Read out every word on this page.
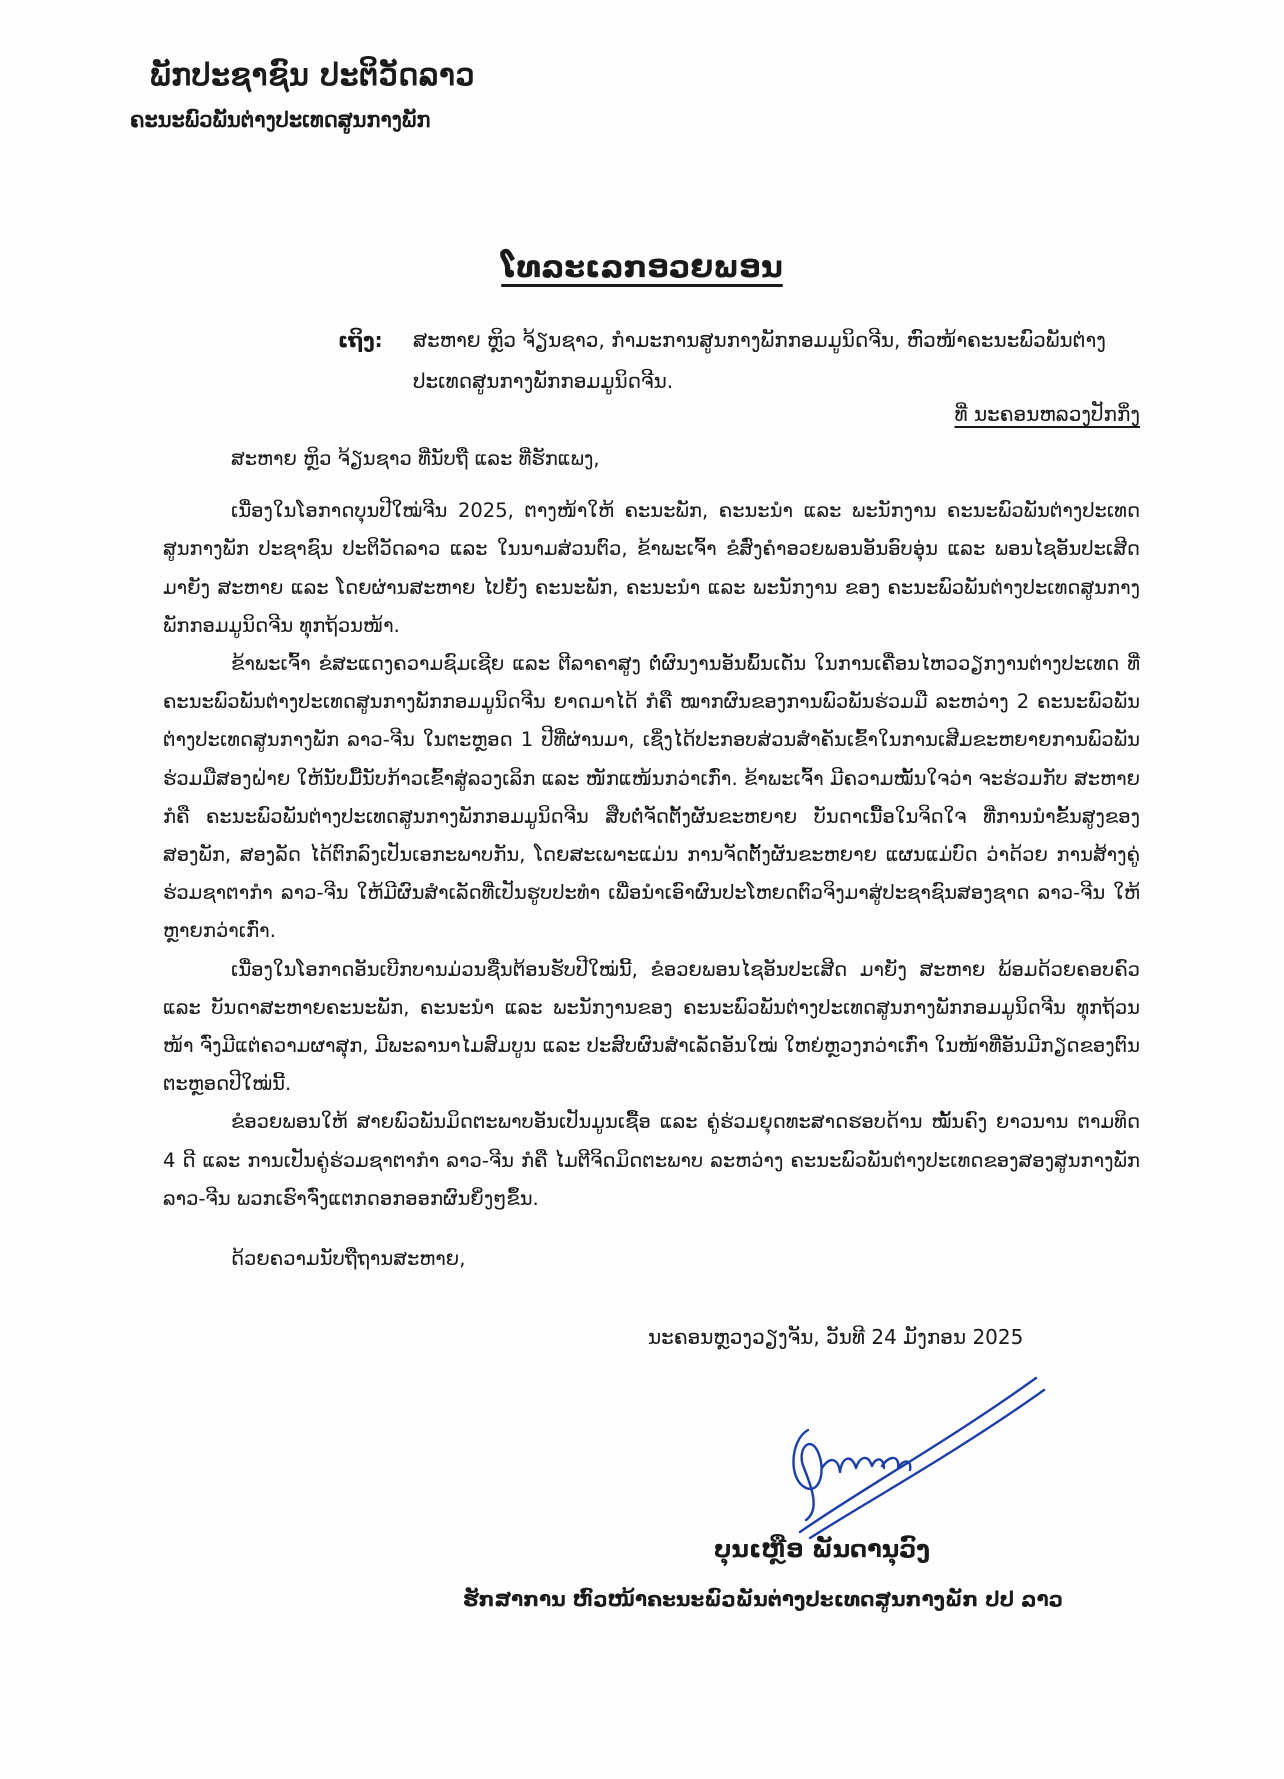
ພັກປະຊາຊົນ ປະຕິວັດລາວ
ຄະນະພົວພັນຕ່າງປະເທດສູນກາງພັກ
ໂທລະເລກອວຍພອນ
ເຖິງ: ສະຫາຍ ຫຼິວ ຈ້ຽນຊາວ, ກຳມະການສູນກາງພັກກອມມູນິດຈີນ, ຫົວໜ້າຄະນະພົວພັນຕ່າງປະເທດສູນກາງພັກກອມມູນິດຈີນ.
ທີ່ ນະຄອນຫລວງປັກກິ່ງ

ສະຫາຍ ຫຼິວ ຈ້ຽນຊາວ ທີ່ນັບຖື ແລະ ທີ່ຮັກແພງ,

ເນື່ອງໃນໂອກາດບຸນປີໃໝ່ຈີນ 2025, ຕາງໜ້າໃຫ້ ຄະນະພັກ, ຄະນະນຳ ແລະ ພະນັກງານ ຄະນະພົວພັນຕ່າງປະເທດສູນກາງພັກ ປະຊາຊົນ ປະຕິວັດລາວ ແລະ ໃນນາມສ່ວນຕົວ, ຂ້າພະເຈົ້າ ຂໍສົ່ງຄຳອວຍພອນອັນອົບອຸ່ນ ແລະ ພອນໄຊອັນປະເສີດ ມາຍັງ ສະຫາຍ ແລະ ໂດຍຜ່ານສະຫາຍ ໄປຍັງ ຄະນະພັກ, ຄະນະນຳ ແລະ ພະນັກງານ ຂອງ ຄະນະພົວພັນຕ່າງປະເທດສູນກາງພັກກອມມູນິດຈີນ ທຸກຖ້ວນໜ້າ.

ຂ້າພະເຈົ້າ ຂໍສະແດງຄວາມຊົມເຊີຍ ແລະ ຕີລາຄາສູງ ຕໍ່ຜົນງານອັນພົ້ນເດັ່ນ ໃນການເຄື່ອນໄຫວວຽກງານຕ່າງປະເທດ ທີ່ ຄະນະພົວພັນຕ່າງປະເທດສູນກາງພັກກອມມູນິດຈີນ ຍາດມາໄດ້ ກໍຄື ໝາກຜົນຂອງການພົວພັນຮ່ວມມື ລະຫວ່າງ 2 ຄະນະພົວພັນຕ່າງປະເທດສູນກາງພັກ ລາວ-ຈີນ ໃນຕະຫຼອດ 1 ປີທີ່ຜ່ານມາ, ເຊິ່ງໄດ້ປະກອບສ່ວນສຳຄັນເຂົ້າໃນການເສີມຂະຫຍາຍການພົວພັນຮ່ວມມືສອງຝ່າຍ ໃຫ້ນັບມື້ນັບກ້າວເຂົ້າສູ່ລວງເລິກ ແລະ ໜັກແໜ້ນກວ່າເກົ່າ. ຂ້າພະເຈົ້າ ມີຄວາມໝັ້ນໃຈວ່າ ຈະຮ່ວມກັບ ສະຫາຍ ກໍຄື ຄະນະພົວພັນຕ່າງປະເທດສູນກາງພັກກອມມູນິດຈີນ ສືບຕໍ່ຈັດຕັ້ງຜັນຂະຫຍາຍ ບັນດາເນື້ອໃນຈິດໃຈ ທີ່ການນຳຂັ້ນສູງຂອງ ສອງພັກ, ສອງລັດ ໄດ້ຕົກລົງເປັນເອກະພາບກັນ, ໂດຍສະເພາະແມ່ນ ການຈັດຕັ້ງຜັນຂະຫຍາຍ ແຜນແມ່ບົດ ວ່າດ້ວຍ ການສ້າງຄູ່ຮ່ວມຊາຕາກຳ ລາວ-ຈີນ ໃຫ້ມີຜົນສຳເລັດທີ່ເປັນຮູບປະທຳ ເພື່ອນຳເອົາຜົນປະໂຫຍດຕົວຈິງມາສູ່ປະຊາຊົນສອງຊາດ ລາວ-ຈີນ ໃຫ້ຫຼາຍກວ່າເກົ່າ.

ເນື່ອງໃນໂອກາດອັນເບີກບານມ່ວນຊື່ນຕ້ອນຮັບປີໃໝ່ນີ້, ຂໍອວຍພອນໄຊອັນປະເສີດ ມາຍັງ ສະຫາຍ ພ້ອມດ້ວຍຄອບຄົວ ແລະ ບັນດາສະຫາຍຄະນະພັກ, ຄະນະນຳ ແລະ ພະນັກງານຂອງ ຄະນະພົວພັນຕ່າງປະເທດສູນກາງພັກກອມມູນິດຈີນ ທຸກຖ້ວນໜ້າ ຈົ່ງມີແຕ່ຄວາມຜາສຸກ, ມີພະລານາໄມສົມບູນ ແລະ ປະສົບຜົນສຳເລັດອັນໃໝ່ ໃຫຍ່ຫຼວງກວ່າເກົ່າ ໃນໜ້າທີ່ອັນມີກຽດຂອງຕົນຕະຫຼອດປີໃໝ່ນີ້.

ຂໍອວຍພອນໃຫ້ ສາຍພົວພັນມິດຕະພາບອັນເປັນມູນເຊື້ອ ແລະ ຄູ່ຮ່ວມຍຸດທະສາດຮອບດ້ານ ໝັ້ນຄົງ ຍາວນານ ຕາມທິດ 4 ດີ ແລະ ການເປັນຄູ່ຮ່ວມຊາຕາກຳ ລາວ-ຈີນ ກໍຄື ໄມຕີຈິດມິດຕະພາບ ລະຫວ່າງ ຄະນະພົວພັນຕ່າງປະເທດຂອງສອງສູນກາງພັກ ລາວ-ຈີນ ພວກເຮົາຈົ່ງແຕກດອກອອກຜົນຍິ່ງໆຂຶ້ນ.

ດ້ວຍຄວາມນັບຖືຖານສະຫາຍ,

ນະຄອນຫຼວງວຽງຈັນ, ວັນທີ 24 ມັງກອນ 2025
ບຸນເຫຼືອ ພັນດານຸວົງ
ຮັກສາການ ຫົວໜ້າຄະນະພົວພັນຕ່າງປະເທດສູນກາງພັກ ປປ ລາວ
